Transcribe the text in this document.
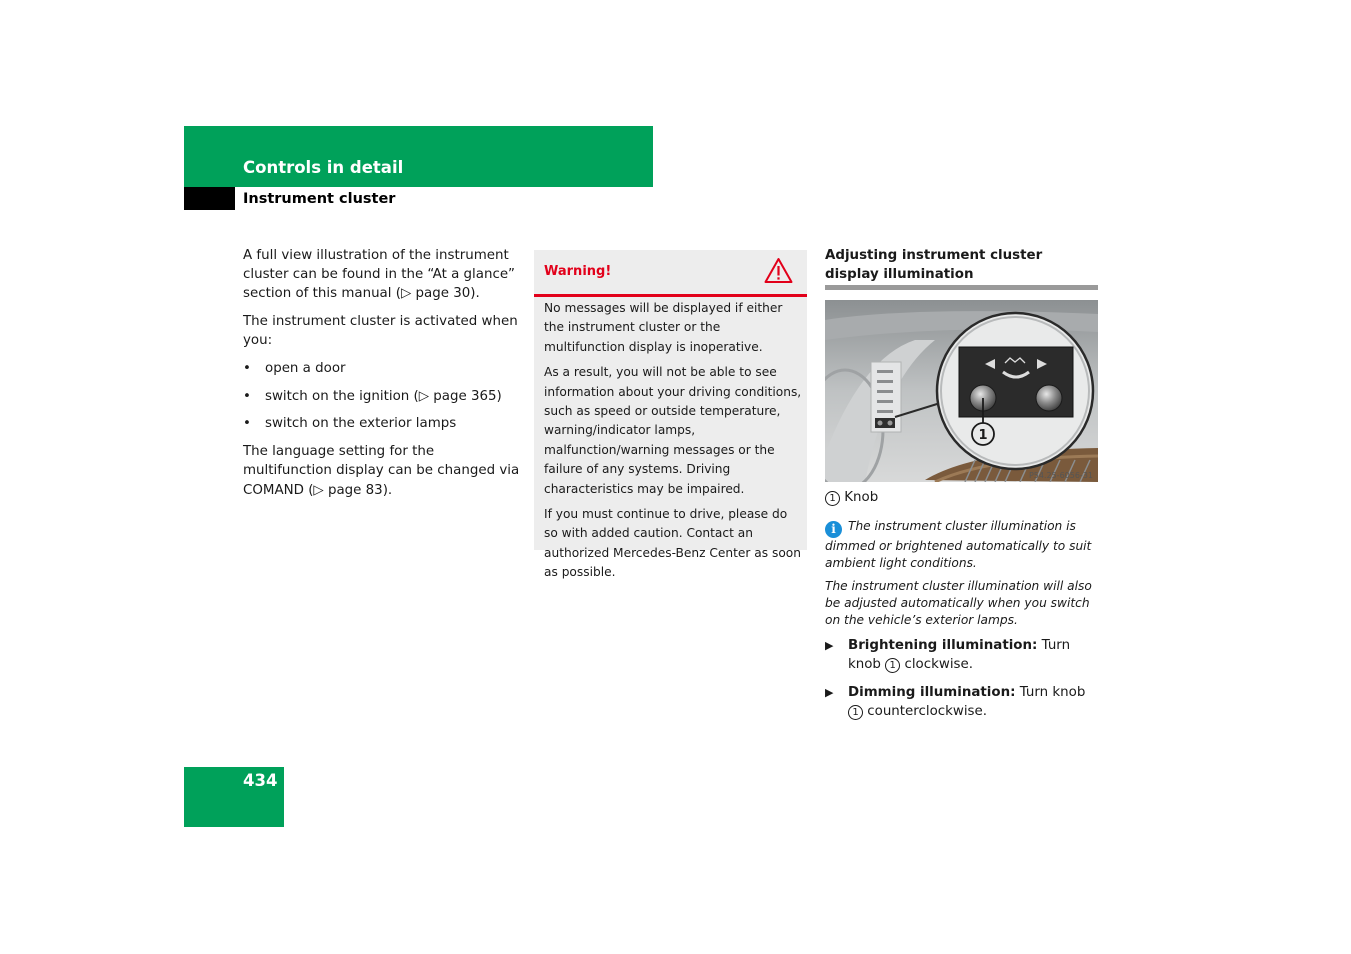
Controls in detail
Instrument cluster

A full view illustration of the instrument cluster can be found in the “At a glance” section of this manual (▷ page 30).

The instrument cluster is activated when you:

• open a door
• switch on the ignition (▷ page 365)
• switch on the exterior lamps

The language setting for the multifunction display can be changed via COMAND (▷ page 83).

Warning!

No messages will be displayed if either the instrument cluster or the multifunction display is inoperative.

As a result, you will not be able to see information about your driving conditions, such as speed or outside temperature, warning/indicator lamps, malfunction/warning messages or the failure of any systems. Driving characteristics may be impaired.

If you must continue to drive, please do so with added caution. Contact an authorized Mercedes-Benz Center as soon as possible.

Adjusting instrument cluster display illumination
1
P54.25-6056-31
1 Knob

i The instrument cluster illumination is dimmed or brightened automatically to suit ambient light conditions.

The instrument cluster illumination will also be adjusted automatically when you switch on the vehicle’s exterior lamps.

▶ Brightening illumination: Turn knob 1 clockwise.
▶ Dimming illumination: Turn knob 1 counterclockwise.
434
